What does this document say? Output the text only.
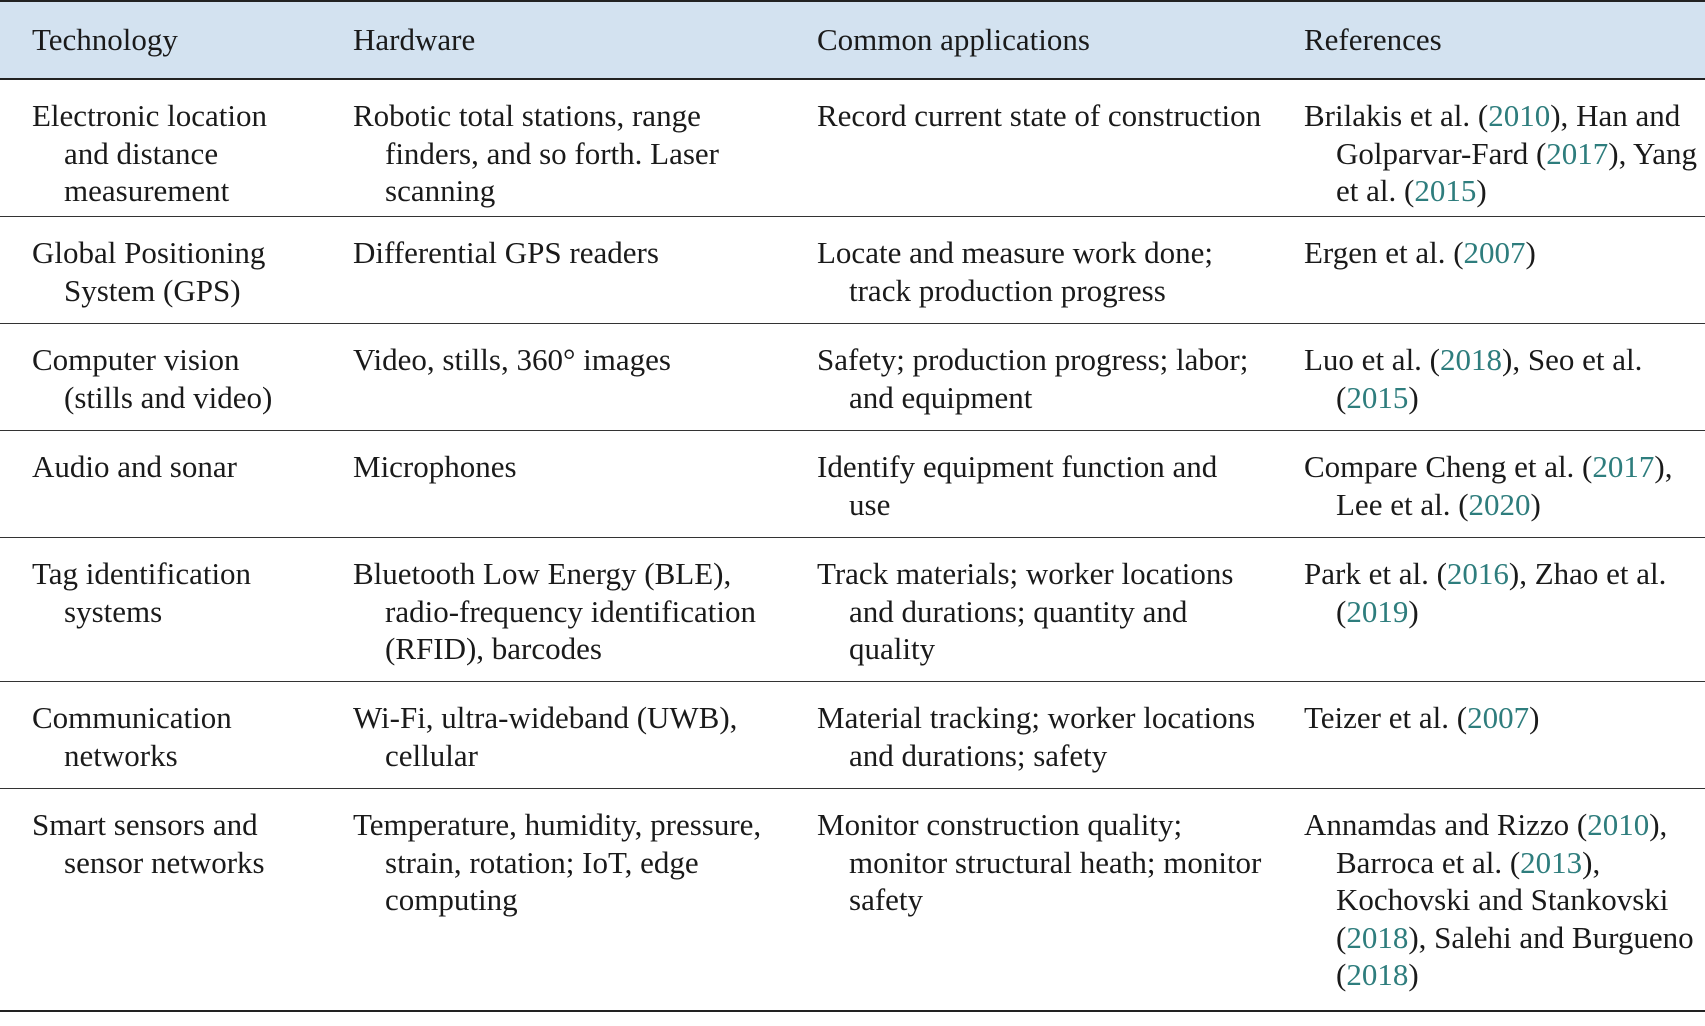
Technology	Hardware	Common applications	References

Electronic location and distance measurement	Robotic total stations, range finders, and so forth. Laser scanning	Record current state of construction	Brilakis et al. (2010), Han and Golparvar-Fard (2017), Yang et al. (2015)

Global Positioning System (GPS)	Differential GPS readers	Locate and measure work done; track production progress	Ergen et al. (2007)

Computer vision (stills and video)	Video, stills, 360° images	Safety; production progress; labor; and equipment	Luo et al. (2018), Seo et al. (2015)

Audio and sonar	Microphones	Identify equipment function and use	Compare Cheng et al. (2017), Lee et al. (2020)

Tag identification systems	Bluetooth Low Energy (BLE), radio-frequency identification (RFID), barcodes	Track materials; worker locations and durations; quantity and quality	Park et al. (2016), Zhao et al. (2019)

Communication networks	Wi-Fi, ultra-wideband (UWB), cellular	Material tracking; worker locations and durations; safety	Teizer et al. (2007)

Smart sensors and sensor networks	Temperature, humidity, pressure, strain, rotation; IoT, edge computing	Monitor construction quality; monitor structural heath; monitor safety	Annamdas and Rizzo (2010), Barroca et al. (2013), Kochovski and Stankovski (2018), Salehi and Burgueno (2018)
